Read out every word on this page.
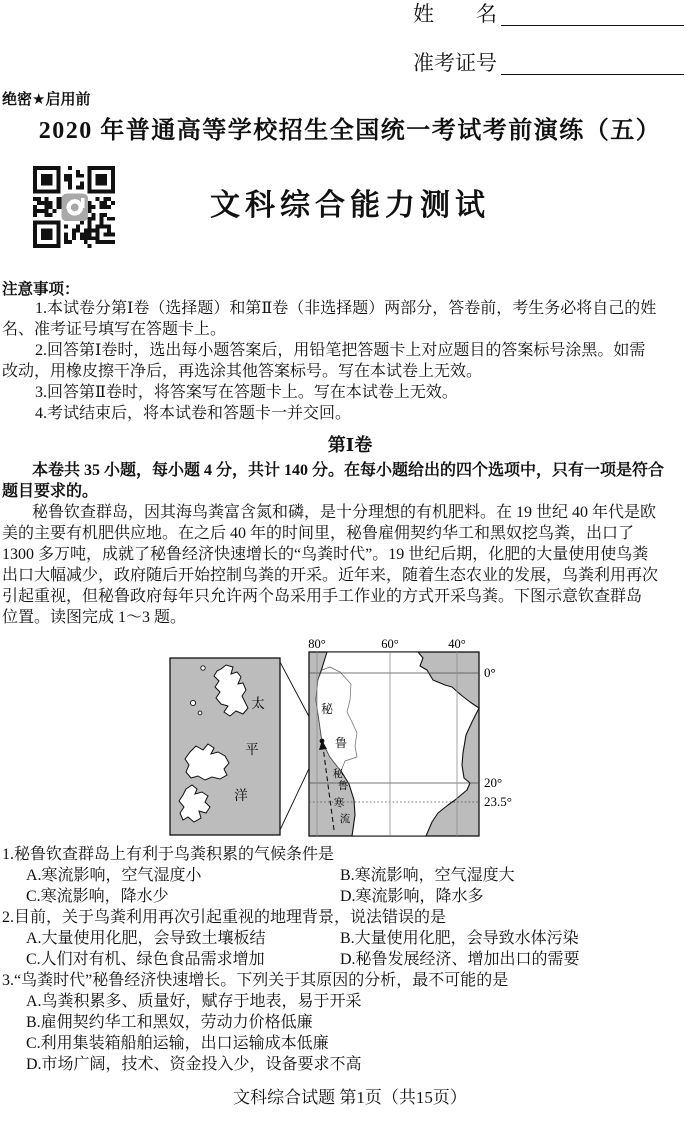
姓　　名
准考证号
绝密★启用前
2020 年普通高等学校招生全国统一考试考前演练（五）
文科综合能力测试
注意事项：
1.本试卷分第Ⅰ卷（选择题）和第Ⅱ卷（非选择题）两部分，答卷前，考生务必将自己的姓
名、准考证号填写在答题卡上。
2.回答第Ⅰ卷时，选出每小题答案后，用铅笔把答题卡上对应题目的答案标号涂黑。如需
改动，用橡皮擦干净后，再选涂其他答案标号。写在本试卷上无效。
3.回答第Ⅱ卷时，将答案写在答题卡上。写在本试卷上无效。
4.考试结束后，将本试卷和答题卡一并交回。
第Ⅰ卷
本卷共 35 小题，每小题 4 分，共计 140 分。在每小题给出的四个选项中，只有一项是符合
题目要求的。
秘鲁钦查群岛，因其海鸟粪富含氮和磷，是十分理想的有机肥料。在 19 世纪 40 年代是欧
美的主要有机肥供应地。在之后 40 年的时间里，秘鲁雇佣契约华工和黑奴挖鸟粪，出口了
1300 多万吨，成就了秘鲁经济快速增长的“鸟粪时代”。19 世纪后期，化肥的大量使用使鸟粪
出口大幅减少，政府随后开始控制鸟粪的开采。近年来，随着生态农业的发展，鸟粪利用再次
引起重视，但秘鲁政府每年只允许两个岛采用手工作业的方式开采鸟粪。下图示意钦查群岛
位置。读图完成 1～3 题。
太
平
洋
80°	60°	40°
0°
20°
23.5°
秘
鲁
秘
鲁
寒
流
1.秘鲁钦查群岛上有利于鸟粪积累的气候条件是
A.寒流影响，空气湿度小	B.寒流影响，空气湿度大
C.寒流影响，降水少	D.寒流影响，降水多
2.目前，关于鸟粪利用再次引起重视的地理背景，说法错误的是
A.大量使用化肥，会导致土壤板结	B.大量使用化肥，会导致水体污染
C.人们对有机、绿色食品需求增加	D.秘鲁发展经济、增加出口的需要
3.“鸟粪时代”秘鲁经济快速增长。下列关于其原因的分析，最不可能的是
A.鸟粪积累多、质量好，赋存于地表，易于开采
B.雇佣契约华工和黑奴，劳动力价格低廉
C.利用集装箱船舶运输，出口运输成本低廉
D.市场广阔，技术、资金投入少，设备要求不高
文科综合试题 第1页（共15页）
